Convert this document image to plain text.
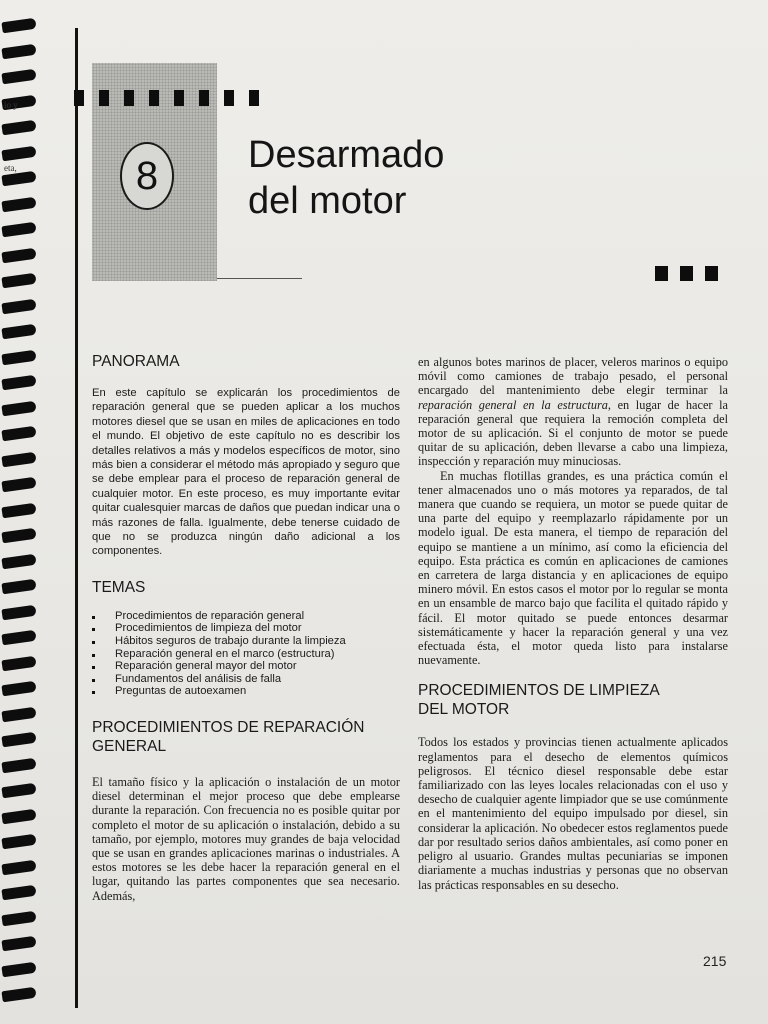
io y
eta,	8	Desarmado
del motor
PANORAMA

En este capítulo se explicarán los procedimientos de reparación general que se pueden aplicar a los muchos motores diesel que se usan en miles de aplicaciones en todo el mundo. El objetivo de este capítulo no es describir los detalles relativos a más y modelos específicos de motor, sino más bien a considerar el método más apropiado y seguro que se debe emplear para el proceso de reparación general de cualquier motor. En este proceso, es muy importante evitar quitar cualesquier marcas de daños que puedan indicar una o más razones de falla. Igualmente, debe tenerse cuidado de que no se produzca ningún daño adicional a los componentes.

TEMAS
Procedimientos de reparación general
Procedimientos de limpieza del motor
Hábitos seguros de trabajo durante la limpieza
Reparación general en el marco (estructura)
Reparación general mayor del motor
Fundamentos del análisis de falla
Preguntas de autoexamen
PROCEDIMIENTOS DE REPARACIÓN
GENERAL

El tamaño físico y la aplicación o instalación de un motor diesel determinan el mejor proceso que debe emplearse durante la reparación. Con frecuencia no es posible quitar por completo el motor de su aplicación o instalación, debido a su tamaño, por ejemplo, motores muy grandes de baja velocidad que se usan en grandes aplicaciones marinas o industriales. A estos motores se les debe hacer la reparación general en el lugar, quitando las partes componentes que sea necesario. Además,

en algunos botes marinos de placer, veleros marinos o equipo móvil como camiones de trabajo pesado, el personal encargado del mantenimiento debe elegir terminar la reparación general en la estructura, en lugar de hacer la reparación general que requiera la remoción completa del motor de su aplicación. Si el conjunto de motor se puede quitar de su aplicación, deben llevarse a cabo una limpieza, inspección y reparación muy minuciosas.

En muchas flotillas grandes, es una práctica común el tener almacenados uno o más motores ya reparados, de tal manera que cuando se requiera, un motor se puede quitar de una parte del equipo y reemplazarlo rápidamente por un modelo igual. De esta manera, el tiempo de reparación del equipo se mantiene a un mínimo, así como la eficiencia del equipo. Esta práctica es común en aplicaciones de camiones en carretera de larga distancia y en aplicaciones de equipo minero móvil. En estos casos el motor por lo regular se monta en un ensamble de marco bajo que facilita el quitado rápido y fácil. El motor quitado se puede entonces desarmar sistemáticamente y hacer la reparación general y una vez efectuada ésta, el motor queda listo para instalarse nuevamente.

PROCEDIMIENTOS DE LIMPIEZA
DEL MOTOR

Todos los estados y provincias tienen actualmente aplicados reglamentos para el desecho de elementos químicos peligrosos. El técnico diesel responsable debe estar familiarizado con las leyes locales relacionadas con el uso y desecho de cualquier agente limpiador que se use comúnmente en el mantenimiento del equipo impulsado por diesel, sin considerar la aplicación. No obedecer estos reglamentos puede dar por resultado serios daños ambientales, así como poner en peligro al usuario. Grandes multas pecuniarias se imponen diariamente a muchas industrias y personas que no observan las prácticas responsables en su desecho.

215
